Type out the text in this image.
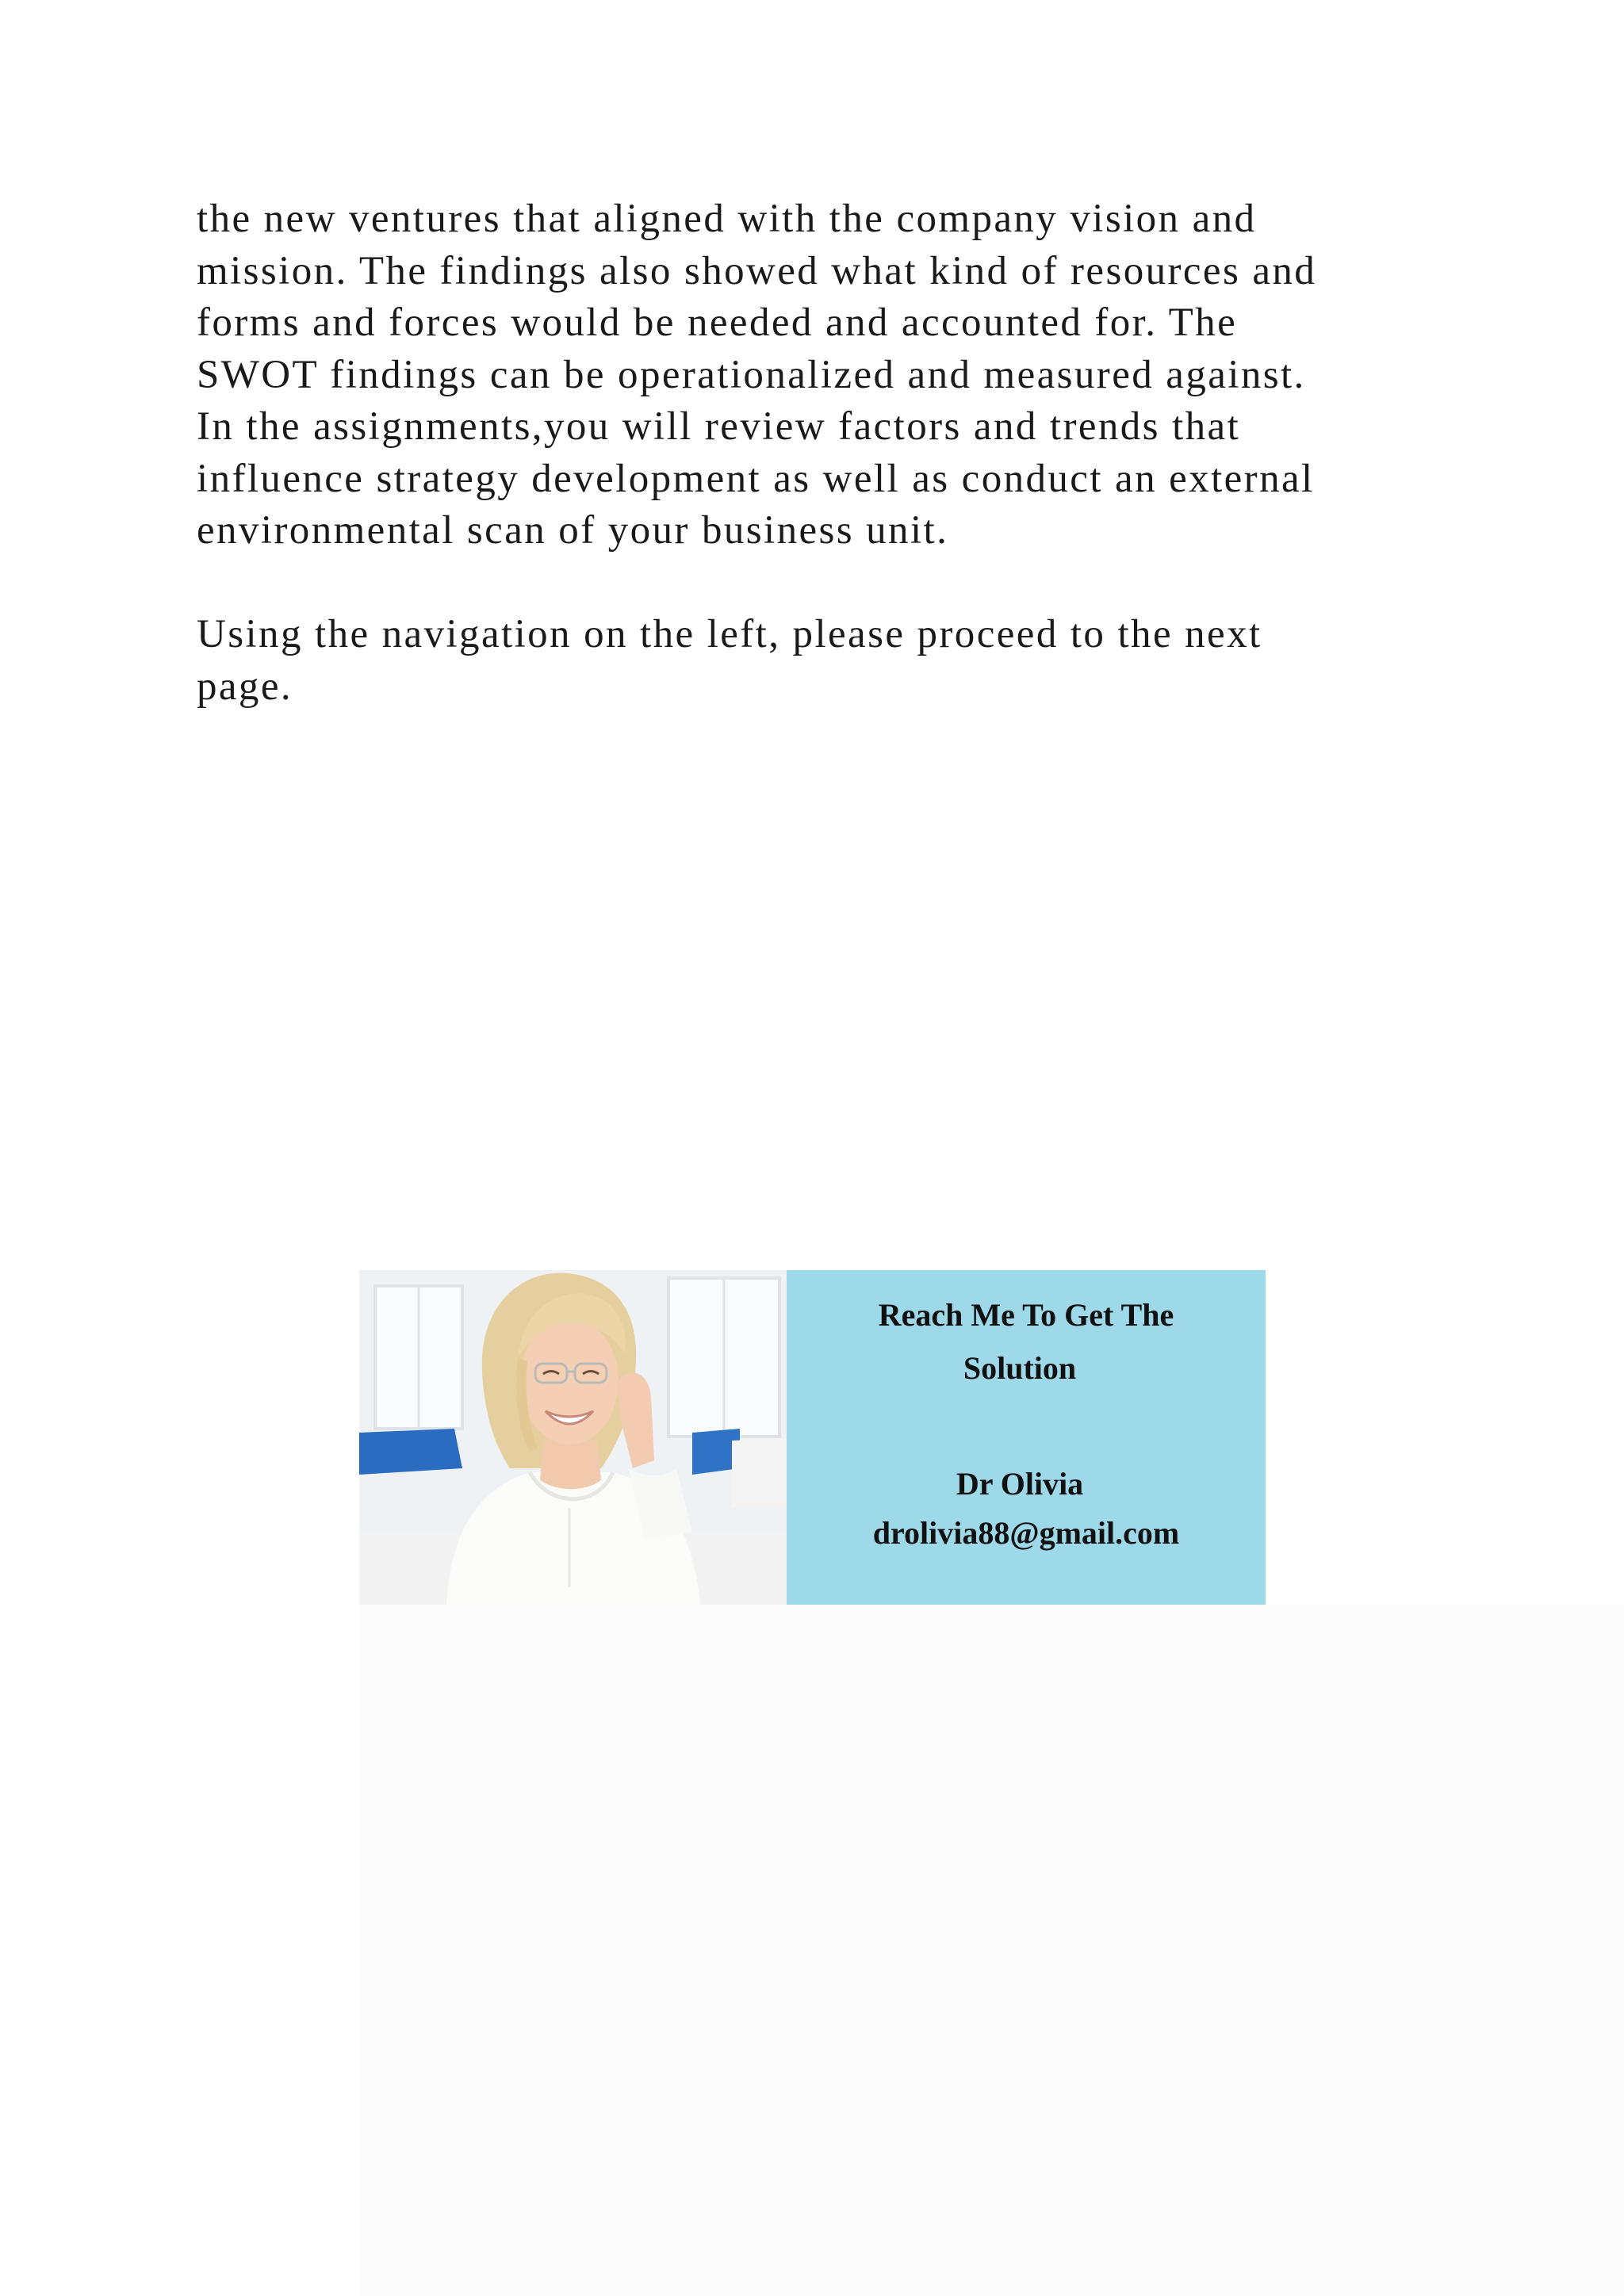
the new ventures that aligned with the company vision and
mission. The findings also showed what kind of resources and
forms and forces would be needed and accounted for. The
SWOT findings can be operationalized and measured against.
In the assignments,you will review factors and trends that
influence strategy development as well as conduct an external
environmental scan of your business unit.
Using the navigation on the left, please proceed to the next
page.
Reach Me To Get The
Solution
Dr Olivia
drolivia88@gmail.com
